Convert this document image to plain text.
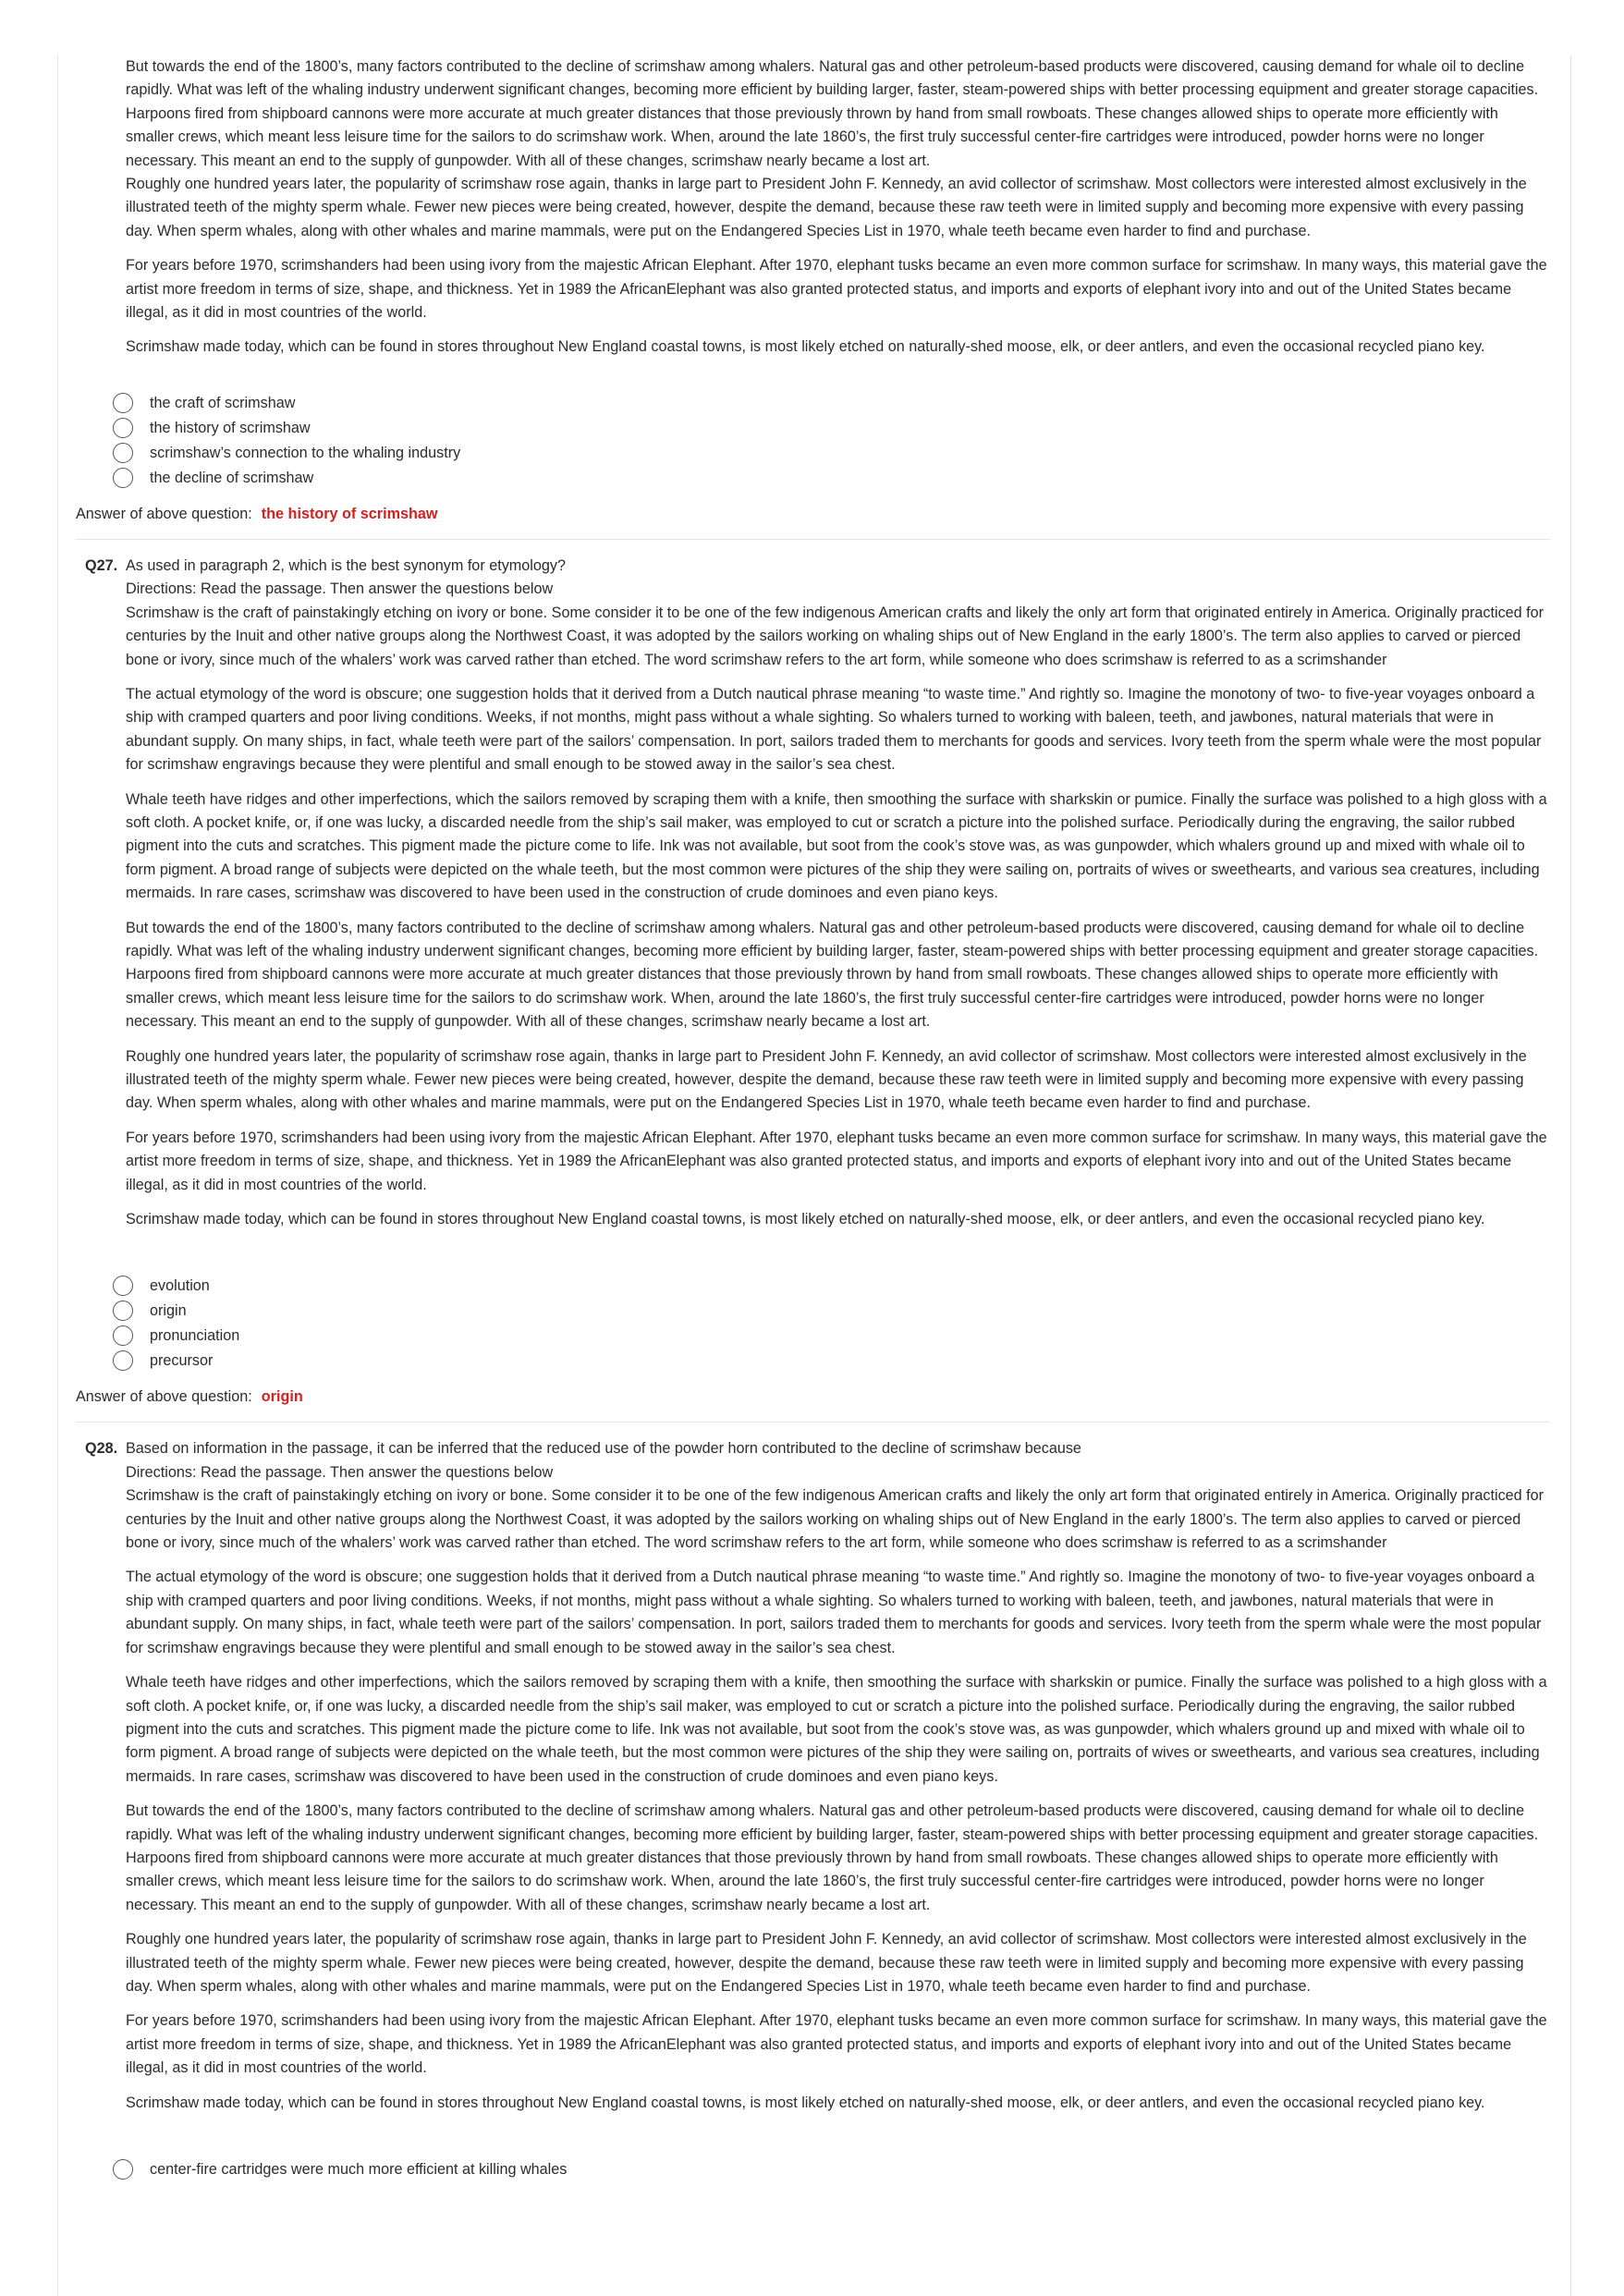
But towards the end of the 1800’s, many factors contributed to the decline of scrimshaw among whalers. Natural gas and other petroleum-based products were discovered, causing demand for whale oil to decline rapidly. What was left of the whaling industry underwent significant changes, becoming more efficient by building larger, faster, steam-powered ships with better processing equipment and greater storage capacities. Harpoons fired from shipboard cannons were more accurate at much greater distances that those previously thrown by hand from small rowboats. These changes allowed ships to operate more efficiently with smaller crews, which meant less leisure time for the sailors to do scrimshaw work. When, around the late 1860’s, the first truly successful center-fire cartridges were introduced, powder horns were no longer necessary. This meant an end to the supply of gunpowder. With all of these changes, scrimshaw nearly became a lost art.

Roughly one hundred years later, the popularity of scrimshaw rose again, thanks in large part to President John F. Kennedy, an avid collector of scrimshaw. Most collectors were interested almost exclusively in the illustrated teeth of the mighty sperm whale. Fewer new pieces were being created, however, despite the demand, because these raw teeth were in limited supply and becoming more expensive with every passing day. When sperm whales, along with other whales and marine mammals, were put on the Endangered Species List in 1970, whale teeth became even harder to find and purchase.

For years before 1970, scrimshanders had been using ivory from the majestic African Elephant. After 1970, elephant tusks became an even more common surface for scrimshaw. In many ways, this material gave the artist more freedom in terms of size, shape, and thickness. Yet in 1989 the AfricanElephant was also granted protected status, and imports and exports of elephant ivory into and out of the United States became illegal, as it did in most countries of the world.

Scrimshaw made today, which can be found in stores throughout New England coastal towns, is most likely etched on naturally-shed moose, elk, or deer antlers, and even the occasional recycled piano key.

the craft of scrimshaw
the history of scrimshaw
scrimshaw’s connection to the whaling industry
the decline of scrimshaw
Answer of above question: the history of scrimshaw
Q27. As used in paragraph 2, which is the best synonym for etymology?

Directions: Read the passage. Then answer the questions below

Scrimshaw is the craft of painstakingly etching on ivory or bone. Some consider it to be one of the few indigenous American crafts and likely the only art form that originated entirely in America. Originally practiced for centuries by the Inuit and other native groups along the Northwest Coast, it was adopted by the sailors working on whaling ships out of New England in the early 1800’s. The term also applies to carved or pierced bone or ivory, since much of the whalers’ work was carved rather than etched. The word scrimshaw refers to the art form, while someone who does scrimshaw is referred to as a scrimshander

The actual etymology of the word is obscure; one suggestion holds that it derived from a Dutch nautical phrase meaning “to waste time.” And rightly so. Imagine the monotony of two- to five-year voyages onboard a ship with cramped quarters and poor living conditions. Weeks, if not months, might pass without a whale sighting. So whalers turned to working with baleen, teeth, and jawbones, natural materials that were in abundant supply. On many ships, in fact, whale teeth were part of the sailors’ compensation. In port, sailors traded them to merchants for goods and services. Ivory teeth from the sperm whale were the most popular for scrimshaw engravings because they were plentiful and small enough to be stowed away in the sailor’s sea chest.

Whale teeth have ridges and other imperfections, which the sailors removed by scraping them with a knife, then smoothing the surface with sharkskin or pumice. Finally the surface was polished to a high gloss with a soft cloth. A pocket knife, or, if one was lucky, a discarded needle from the ship’s sail maker, was employed to cut or scratch a picture into the polished surface. Periodically during the engraving, the sailor rubbed pigment into the cuts and scratches. This pigment made the picture come to life. Ink was not available, but soot from the cook’s stove was, as was gunpowder, which whalers ground up and mixed with whale oil to form pigment. A broad range of subjects were depicted on the whale teeth, but the most common were pictures of the ship they were sailing on, portraits of wives or sweethearts, and various sea creatures, including mermaids. In rare cases, scrimshaw was discovered to have been used in the construction of crude dominoes and even piano keys.

But towards the end of the 1800’s, many factors contributed to the decline of scrimshaw among whalers. Natural gas and other petroleum-based products were discovered, causing demand for whale oil to decline rapidly. What was left of the whaling industry underwent significant changes, becoming more efficient by building larger, faster, steam-powered ships with better processing equipment and greater storage capacities. Harpoons fired from shipboard cannons were more accurate at much greater distances that those previously thrown by hand from small rowboats. These changes allowed ships to operate more efficiently with smaller crews, which meant less leisure time for the sailors to do scrimshaw work. When, around the late 1860’s, the first truly successful center-fire cartridges were introduced, powder horns were no longer necessary. This meant an end to the supply of gunpowder. With all of these changes, scrimshaw nearly became a lost art.

Roughly one hundred years later, the popularity of scrimshaw rose again, thanks in large part to President John F. Kennedy, an avid collector of scrimshaw. Most collectors were interested almost exclusively in the illustrated teeth of the mighty sperm whale. Fewer new pieces were being created, however, despite the demand, because these raw teeth were in limited supply and becoming more expensive with every passing day. When sperm whales, along with other whales and marine mammals, were put on the Endangered Species List in 1970, whale teeth became even harder to find and purchase.

For years before 1970, scrimshanders had been using ivory from the majestic African Elephant. After 1970, elephant tusks became an even more common surface for scrimshaw. In many ways, this material gave the artist more freedom in terms of size, shape, and thickness. Yet in 1989 the AfricanElephant was also granted protected status, and imports and exports of elephant ivory into and out of the United States became illegal, as it did in most countries of the world.

Scrimshaw made today, which can be found in stores throughout New England coastal towns, is most likely etched on naturally-shed moose, elk, or deer antlers, and even the occasional recycled piano key.

evolution
origin
pronunciation
precursor
Answer of above question: origin
Q28. Based on information in the passage, it can be inferred that the reduced use of the powder horn contributed to the decline of scrimshaw because

Directions: Read the passage. Then answer the questions below

Scrimshaw is the craft of painstakingly etching on ivory or bone. Some consider it to be one of the few indigenous American crafts and likely the only art form that originated entirely in America. Originally practiced for centuries by the Inuit and other native groups along the Northwest Coast, it was adopted by the sailors working on whaling ships out of New England in the early 1800’s. The term also applies to carved or pierced bone or ivory, since much of the whalers’ work was carved rather than etched. The word scrimshaw refers to the art form, while someone who does scrimshaw is referred to as a scrimshander

The actual etymology of the word is obscure; one suggestion holds that it derived from a Dutch nautical phrase meaning “to waste time.” And rightly so. Imagine the monotony of two- to five-year voyages onboard a ship with cramped quarters and poor living conditions. Weeks, if not months, might pass without a whale sighting. So whalers turned to working with baleen, teeth, and jawbones, natural materials that were in abundant supply. On many ships, in fact, whale teeth were part of the sailors’ compensation. In port, sailors traded them to merchants for goods and services. Ivory teeth from the sperm whale were the most popular for scrimshaw engravings because they were plentiful and small enough to be stowed away in the sailor’s sea chest.

Whale teeth have ridges and other imperfections, which the sailors removed by scraping them with a knife, then smoothing the surface with sharkskin or pumice. Finally the surface was polished to a high gloss with a soft cloth. A pocket knife, or, if one was lucky, a discarded needle from the ship’s sail maker, was employed to cut or scratch a picture into the polished surface. Periodically during the engraving, the sailor rubbed pigment into the cuts and scratches. This pigment made the picture come to life. Ink was not available, but soot from the cook’s stove was, as was gunpowder, which whalers ground up and mixed with whale oil to form pigment. A broad range of subjects were depicted on the whale teeth, but the most common were pictures of the ship they were sailing on, portraits of wives or sweethearts, and various sea creatures, including mermaids. In rare cases, scrimshaw was discovered to have been used in the construction of crude dominoes and even piano keys.

But towards the end of the 1800’s, many factors contributed to the decline of scrimshaw among whalers. Natural gas and other petroleum-based products were discovered, causing demand for whale oil to decline rapidly. What was left of the whaling industry underwent significant changes, becoming more efficient by building larger, faster, steam-powered ships with better processing equipment and greater storage capacities. Harpoons fired from shipboard cannons were more accurate at much greater distances that those previously thrown by hand from small rowboats. These changes allowed ships to operate more efficiently with smaller crews, which meant less leisure time for the sailors to do scrimshaw work. When, around the late 1860’s, the first truly successful center-fire cartridges were introduced, powder horns were no longer necessary. This meant an end to the supply of gunpowder. With all of these changes, scrimshaw nearly became a lost art.

Roughly one hundred years later, the popularity of scrimshaw rose again, thanks in large part to President John F. Kennedy, an avid collector of scrimshaw. Most collectors were interested almost exclusively in the illustrated teeth of the mighty sperm whale. Fewer new pieces were being created, however, despite the demand, because these raw teeth were in limited supply and becoming more expensive with every passing day. When sperm whales, along with other whales and marine mammals, were put on the Endangered Species List in 1970, whale teeth became even harder to find and purchase.

For years before 1970, scrimshanders had been using ivory from the majestic African Elephant. After 1970, elephant tusks became an even more common surface for scrimshaw. In many ways, this material gave the artist more freedom in terms of size, shape, and thickness. Yet in 1989 the AfricanElephant was also granted protected status, and imports and exports of elephant ivory into and out of the United States became illegal, as it did in most countries of the world.

Scrimshaw made today, which can be found in stores throughout New England coastal towns, is most likely etched on naturally-shed moose, elk, or deer antlers, and even the occasional recycled piano key.

center-fire cartridges were much more efficient at killing whales
